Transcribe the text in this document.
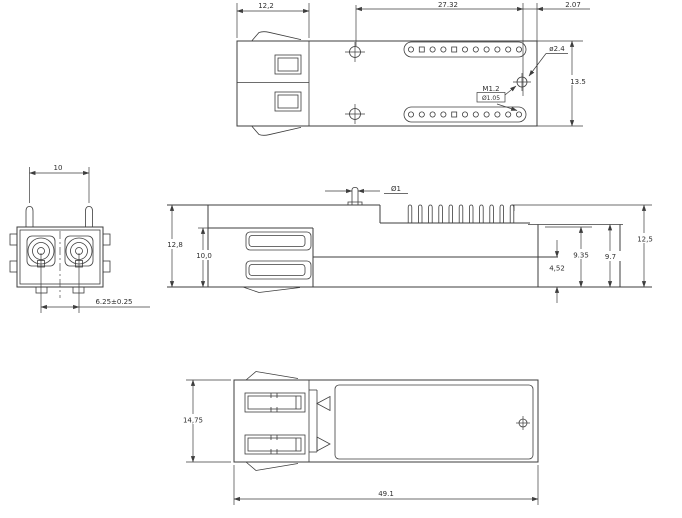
12,2	27.32	2.07
13.5
ø2.4
M1.2
Ø1.05
10
6.25±0.25
Ø1
12,8
10,0
4,52
9.35 9.7
12,5
14,75
49.1
